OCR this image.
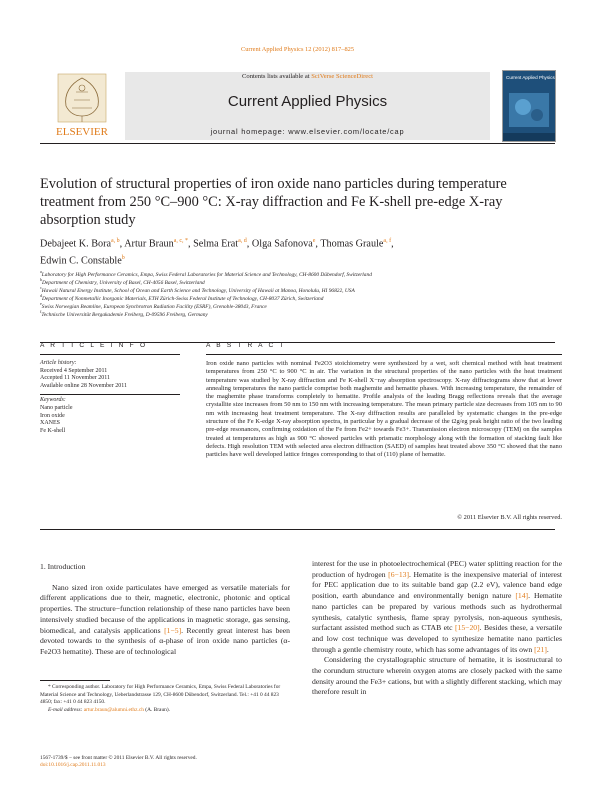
Current Applied Physics 12 (2012) 817–825
ELSEVIER
Contents lists available at SciVerse ScienceDirect
Current Applied Physics
journal homepage: www.elsevier.com/locate/cap
Current Applied Physics
Evolution of structural properties of iron oxide nano particles during temperature treatment from 250 °C–900 °C: X-ray diffraction and Fe K-shell pre-edge X-ray absorption study
Debajeet K. Bora$^{a, b}$, Artur Braun$^{a, c, *}$, Selma Erat$^{a, d}$, Olga Safonova$^e$, Thomas Graule$^{a, f}$,
Edwin C. Constable$^b$
$^a$Laboratory for High Performance Ceramics, Empa, Swiss Federal Laboratories for Material Science and Technology, CH-8600 Dübendorf, Switzerland
$^b$Department of Chemistry, University of Basel, CH-4056 Basel, Switzerland
$^c$Hawaii Natural Energy Institute, School of Ocean and Earth Science and Technology, University of Hawaii at Manoa, Honolulu, HI 96822, USA
$^d$Department of Nonmetallic Inorganic Materials, ETH Zürich-Swiss Federal Institute of Technology, CH-8037 Zürich, Switzerland
$^e$Swiss Norwegian Beamline, European Synchrotron Radiation Facility (ESRF), Grenoble-38043, France
$^f$Technische Universität Bergakademie Freiberg, D-09596 Freiberg, Germany
A R T I C L E I N F O	A B S T R A C T
Article history:
Received 4 September 2011
Accepted 11 November 2011
Available online 28 November 2011
Keywords:
Nano particle
Iron oxide
XANES
Fe K-shell
Iron oxide nano particles with nominal Fe2O3 stoichiometry were synthesized by a wet, soft chemical method with heat treatment temperatures from 250 °C to 900 °C in air. The variation in the structural properties of the nano particles with the heat treatment temperature was studied by X-ray diffraction and Fe K-shell X−ray absorption spectroscopy. X-ray diffractograms show that at lower annealing temperatures the nano particle comprise both maghemite and hematite phases. With increasing temperature, the remainder of the maghemite phase transforms completely to hematite. Profile analysis of the leading Bragg reflections reveals that the average crystallite size increases from 50 nm to 150 nm with increasing temperature. The mean primary particle size decreases from 105 nm to 90 nm with increasing heat treatment temperature. The X-ray diffraction results are paralleled by systematic changes in the pre-edge structure of the Fe K-edge X-ray absorption spectra, in particular by a gradual decrease of the t2g/eg peak height ratio of the two leading pre-edge resonances, confirming oxidation of the Fe from Fe2+ towards Fe3+. Transmission electron microscopy (TEM) on the samples treated at temperatures as high as 900 °C showed particles with prismatic morphology along with the formation of stacking fault like defects. High resolution TEM with selected area electron diffraction (SAED) of samples heat treated above 350 °C showed that the nano particles have well developed lattice fringes corresponding to that of (110) plane of hematite.
© 2011 Elsevier B.V. All rights reserved.
1. Introduction
Nano sized iron oxide particulates have emerged as versatile materials for different applications due to their, magnetic, electronic, photonic and optical properties. The structure−function relationship of these nano particles have been intensively studied because of the applications in magnetic storage, gas sensing, biomedical, and catalysis applications [1−5]. Recently great interest has been devoted towards to the synthesis of α-phase of iron oxide nano particles (α-Fe2O3 hematite). These are of technological
interest for the use in photoelectrochemical (PEC) water splitting reaction for the production of hydrogen [6−13]. Hematite is the inexpensive material of interest for PEC application due to its suitable band gap (2.2 eV), valence band edge position, earth abundance and environmentally benign nature [14]. Hematite nano particles can be prepared by various methods such as hydrothermal synthesis, catalytic synthesis, flame spray pyrolysis, non-aqueous synthesis, surfactant assisted method such as CTAB etc [15−20]. Besides these, a versatile and low cost technique was developed to synthesize hematite nano particles through a gentle chemistry route, which has some advantages of its own [21].
Considering the crystallographic structure of hematite, it is isostructural to the corundum structure wherein oxygen atoms are closely packed with the same density around the Fe3+ cations, but with a slightly different stacking, which may therefore result in
* Corresponding author. Laboratory for High Performance Ceramics, Empa, Swiss Federal Laboratories for Material Science and Technology, Ueberlandstrasse 129, CH-8600 Dübendorf, Switzerland. Tel.: +41 0 44 823 4850; fax: +41 0 44 823 4150.
E-mail address: artur.braun@alumni.ethz.ch (A. Braun).
1567-1739/$ − see front matter © 2011 Elsevier B.V. All rights reserved.
doi:10.1016/j.cap.2011.11.013
